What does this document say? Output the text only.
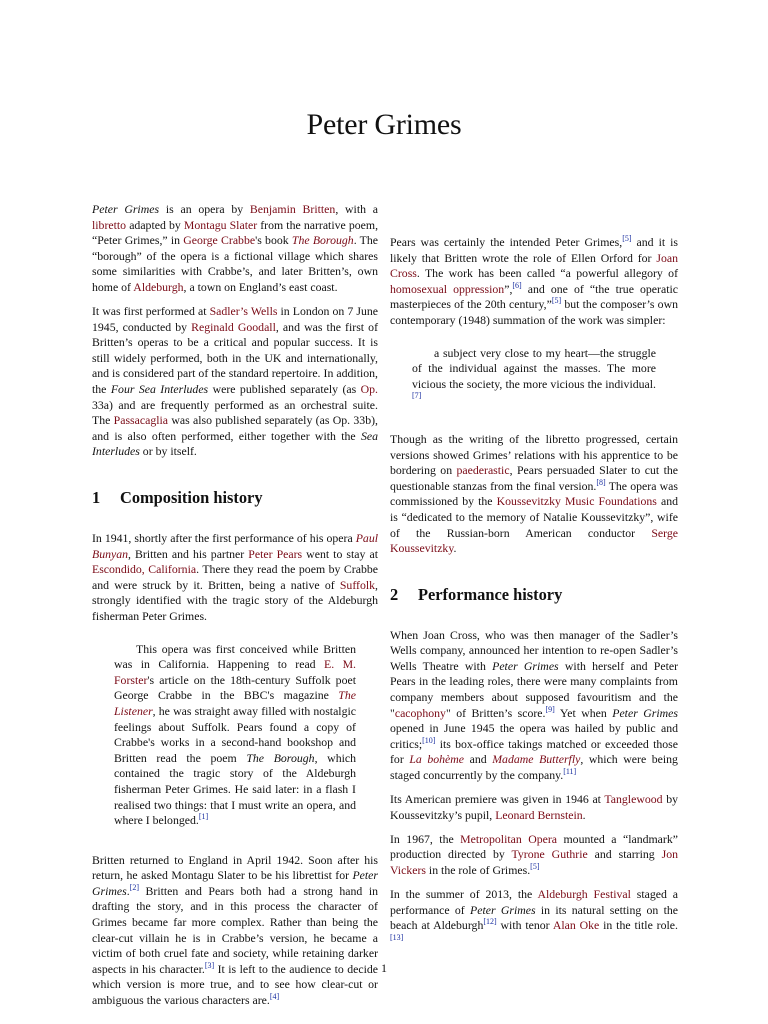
Peter Grimes

Peter Grimes is an opera by Benjamin Britten, with a libretto adapted by Montagu Slater from the narrative poem, “Peter Grimes,” in George Crabbe's book The Borough. The “borough” of the opera is a fictional village which shares some similarities with Crabbe’s, and later Britten’s, own home of Aldeburgh, a town on England’s east coast.

It was first performed at Sadler’s Wells in London on 7 June 1945, conducted by Reginald Goodall, and was the first of Britten’s operas to be a critical and popular success. It is still widely performed, both in the UK and internationally, and is considered part of the standard repertoire. In addition, the Four Sea Interludes were published separately (as Op. 33a) and are frequently performed as an orchestral suite. The Passacaglia was also published separately (as Op. 33b), and is also often performed, either together with the Sea Interludes or by itself.

1 Composition history

In 1941, shortly after the first performance of his opera Paul Bunyan, Britten and his partner Peter Pears went to stay at Escondido, California. There they read the poem by Crabbe and were struck by it. Britten, being a native of Suffolk, strongly identified with the tragic story of the Aldeburgh fisherman Peter Grimes.

This opera was first conceived while Britten was in California. Happening to read E. M. Forster's article on the 18th-century Suffolk poet George Crabbe in the BBC's magazine The Listener, he was straight away filled with nostalgic feelings about Suffolk. Pears found a copy of Crabbe's works in a second-hand bookshop and Britten read the poem The Borough, which contained the tragic story of the Aldeburgh fisherman Peter Grimes. He said later: in a flash I realised two things: that I must write an opera, and where I belonged.[1]

Britten returned to England in April 1942. Soon after his return, he asked Montagu Slater to be his librettist for Peter Grimes.[2] Britten and Pears both had a strong hand in drafting the story, and in this process the character of Grimes became far more complex. Rather than being the clear-cut villain he is in Crabbe’s version, he became a victim of both cruel fate and society, while retaining darker aspects in his character.[3] It is left to the audience to decide which version is more true, and to see how clear-cut or ambiguous the various characters are.[4]

Pears was certainly the intended Peter Grimes,[5] and it is likely that Britten wrote the role of Ellen Orford for Joan Cross. The work has been called “a powerful allegory of homosexual oppression”,[6] and one of “the true operatic masterpieces of the 20th century,”[5] but the composer’s own contemporary (1948) summation of the work was simpler:

a subject very close to my heart—the struggle of the individual against the masses. The more vicious the society, the more vicious the individual.[7]

Though as the writing of the libretto progressed, certain versions showed Grimes’ relations with his apprentice to be bordering on paederastic, Pears persuaded Slater to cut the questionable stanzas from the final version.[8] The opera was commissioned by the Koussevitzky Music Foundations and is “dedicated to the memory of Natalie Koussevitzky”, wife of the Russian-born American conductor Serge Koussevitzky.

2 Performance history

When Joan Cross, who was then manager of the Sadler’s Wells company, announced her intention to re-open Sadler’s Wells Theatre with Peter Grimes with herself and Peter Pears in the leading roles, there were many complaints from company members about supposed favouritism and the "cacophony" of Britten’s score.[9] Yet when Peter Grimes opened in June 1945 the opera was hailed by public and critics;[10] its box-office takings matched or exceeded those for La bohème and Madame Butterfly, which were being staged concurrently by the company.[11]

Its American premiere was given in 1946 at Tanglewood by Koussevitzky’s pupil, Leonard Bernstein.

In 1967, the Metropolitan Opera mounted a “landmark” production directed by Tyrone Guthrie and starring Jon Vickers in the role of Grimes.[5]

In the summer of 2013, the Aldeburgh Festival staged a performance of Peter Grimes in its natural setting on the beach at Aldeburgh[12] with tenor Alan Oke in the title role.[13]

1
